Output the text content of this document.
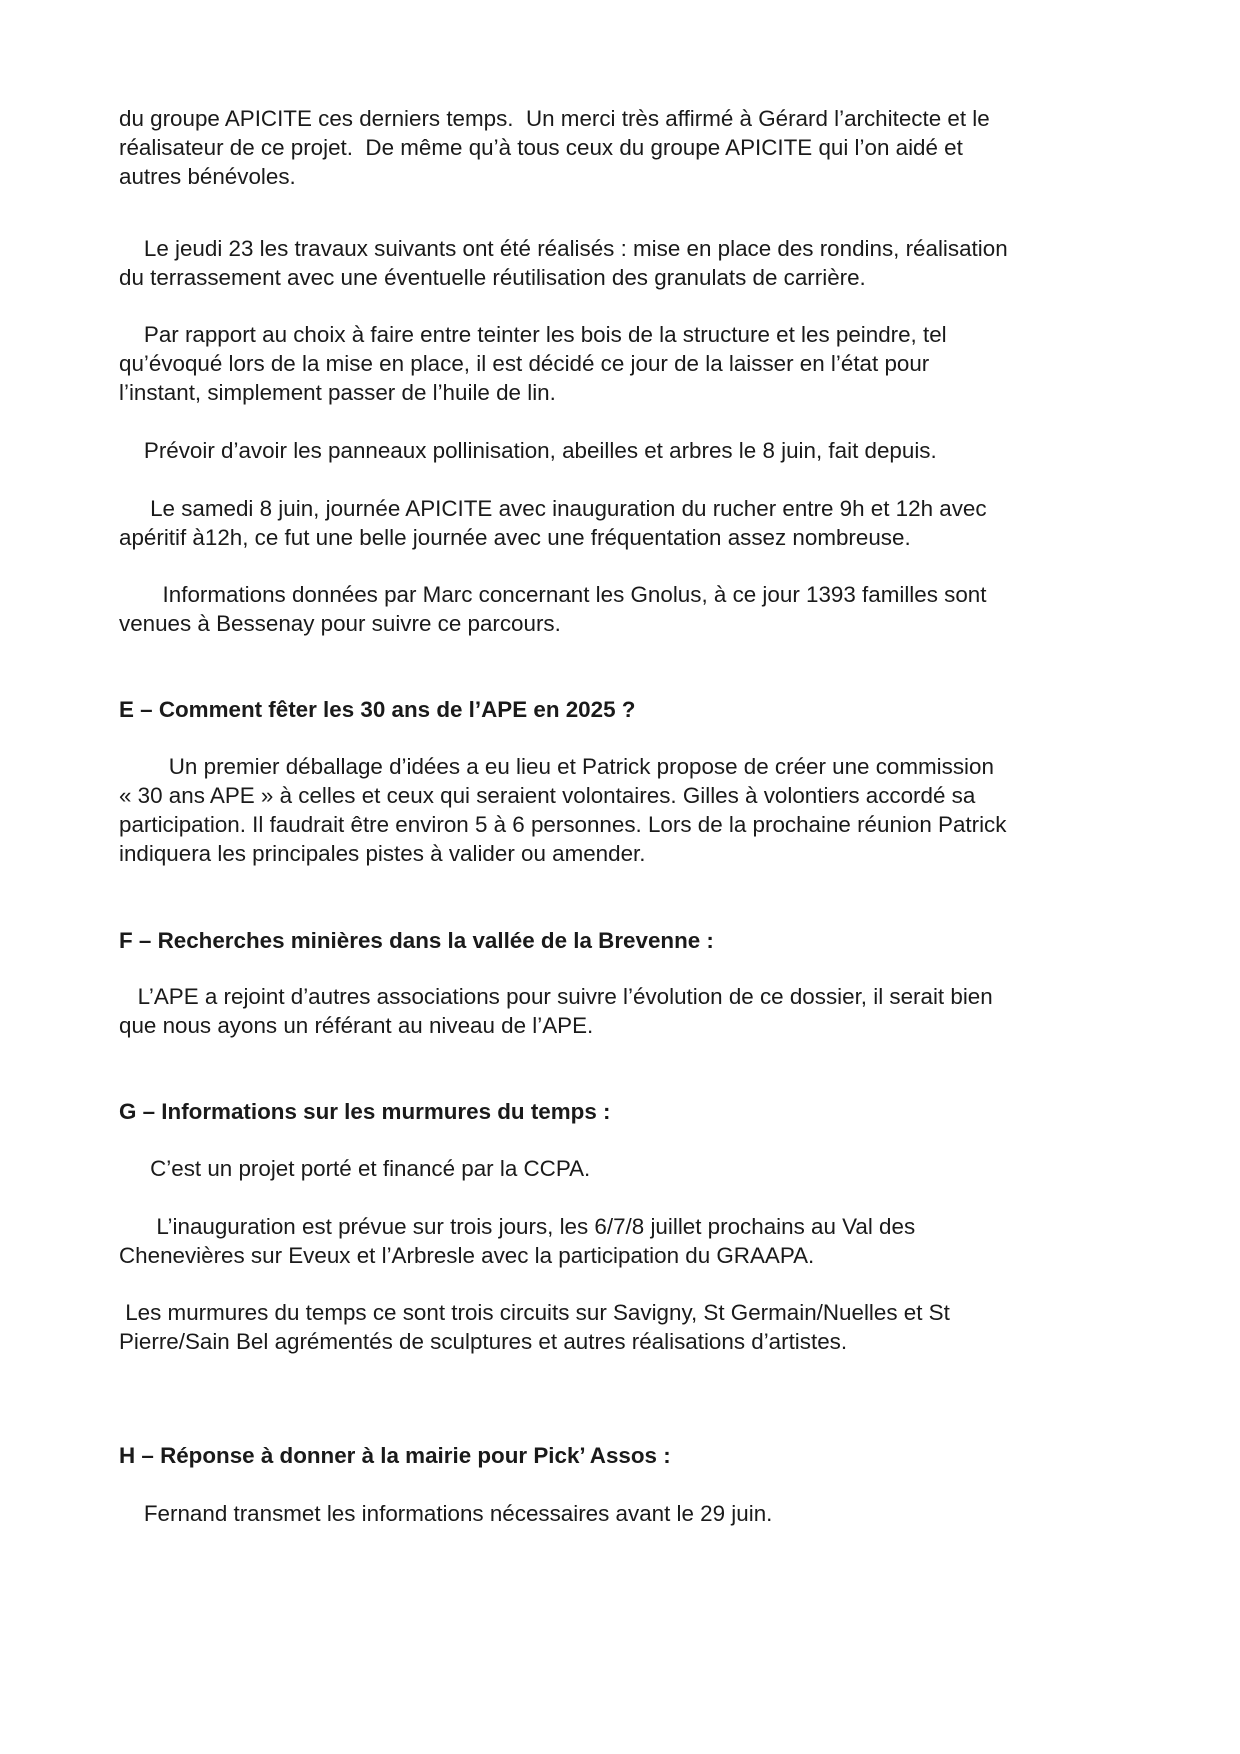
du groupe APICITE ces derniers temps.  Un merci très affirmé à Gérard l’architecte et le
réalisateur de ce projet.  De même qu’à tous ceux du groupe APICITE qui l’on aidé et
autres bénévoles.

Le jeudi 23 les travaux suivants ont été réalisés : mise en place des rondins, réalisation
du terrassement avec une éventuelle réutilisation des granulats de carrière.

Par rapport au choix à faire entre teinter les bois de la structure et les peindre, tel
qu’évoqué lors de la mise en place, il est décidé ce jour de la laisser en l’état pour
l’instant, simplement passer de l’huile de lin.

Prévoir d’avoir les panneaux pollinisation, abeilles et arbres le 8 juin, fait depuis.

Le samedi 8 juin, journée APICITE avec inauguration du rucher entre 9h et 12h avec
apéritif à12h, ce fut une belle journée avec une fréquentation assez nombreuse.

Informations données par Marc concernant les Gnolus, à ce jour 1393 familles sont
venues à Bessenay pour suivre ce parcours.

E – Comment fêter les 30 ans de l’APE en 2025 ?

Un premier déballage d’idées a eu lieu et Patrick propose de créer une commission
« 30 ans APE » à celles et ceux qui seraient volontaires. Gilles à volontiers accordé sa
participation. Il faudrait être environ 5 à 6 personnes. Lors de la prochaine réunion Patrick
indiquera les principales pistes à valider ou amender.

F – Recherches minières dans la vallée de la Brevenne :

L’APE a rejoint d’autres associations pour suivre l’évolution de ce dossier, il serait bien
que nous ayons un référant au niveau de l’APE.

G – Informations sur les murmures du temps :

C’est un projet porté et financé par la CCPA.

L’inauguration est prévue sur trois jours, les 6/7/8 juillet prochains au Val des
Chenevières sur Eveux et l’Arbresle avec la participation du GRAAPA.

Les murmures du temps ce sont trois circuits sur Savigny, St Germain/Nuelles et St
Pierre/Sain Bel agrémentés de sculptures et autres réalisations d’artistes.

H – Réponse à donner à la mairie pour Pick’ Assos :

Fernand transmet les informations nécessaires avant le 29 juin.
